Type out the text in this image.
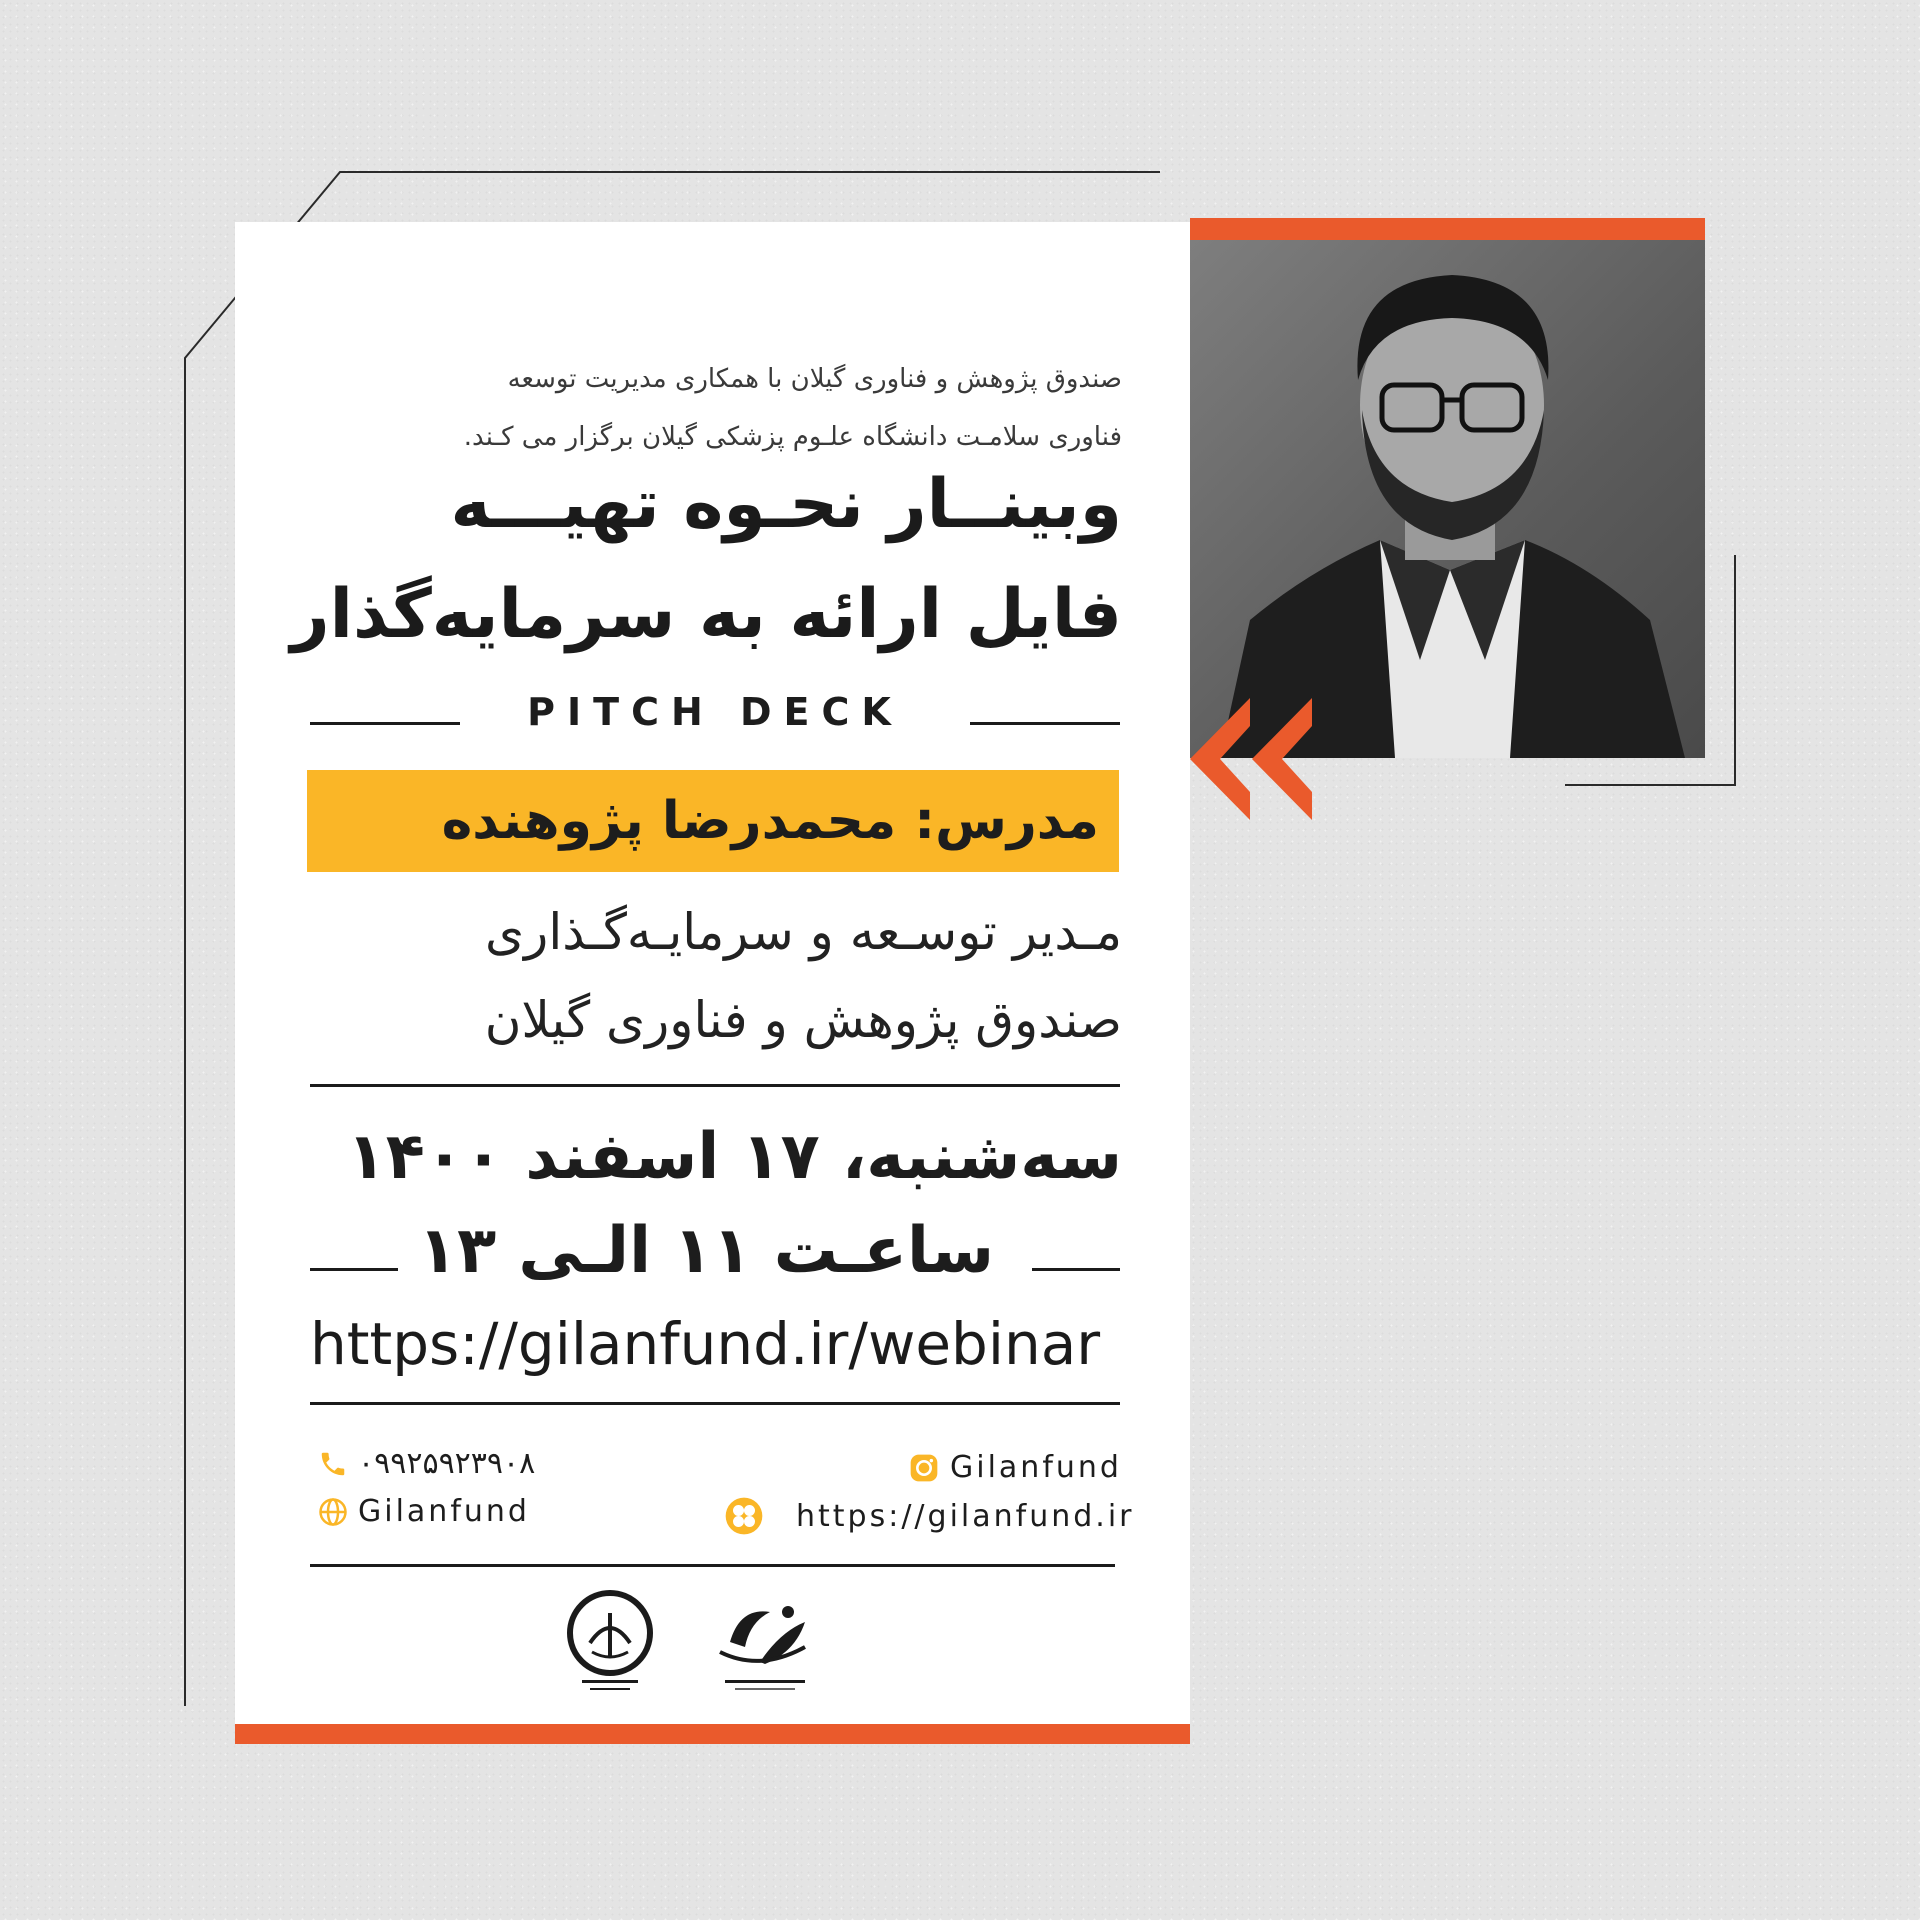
صندوق پژوهش و فناوری گیلان با همکاری مدیریت توسعه
فناوری سلامـت دانشگاه علـوم پزشکی گیلان برگزار می کـند.
وبینــار نحـوه تهیـــه
فایل ارائه به سرمایه‌گذار
PITCH DECK
مدرس: محمدرضا پژوهنده
مـدیر توسـعه و سرمایـه‌گـذاری
صندوق پژوهش و فناوری گیلان
سه‌شنبه، ۱۷ اسفند ۱۴۰۰
ساعـت ۱۱ الـی ۱۳
https://gilanfund.ir/webinar
۰۹۹۲۵۹۲۳۹۰۸
Gilanfund
Gilanfund
https://gilanfund.ir
